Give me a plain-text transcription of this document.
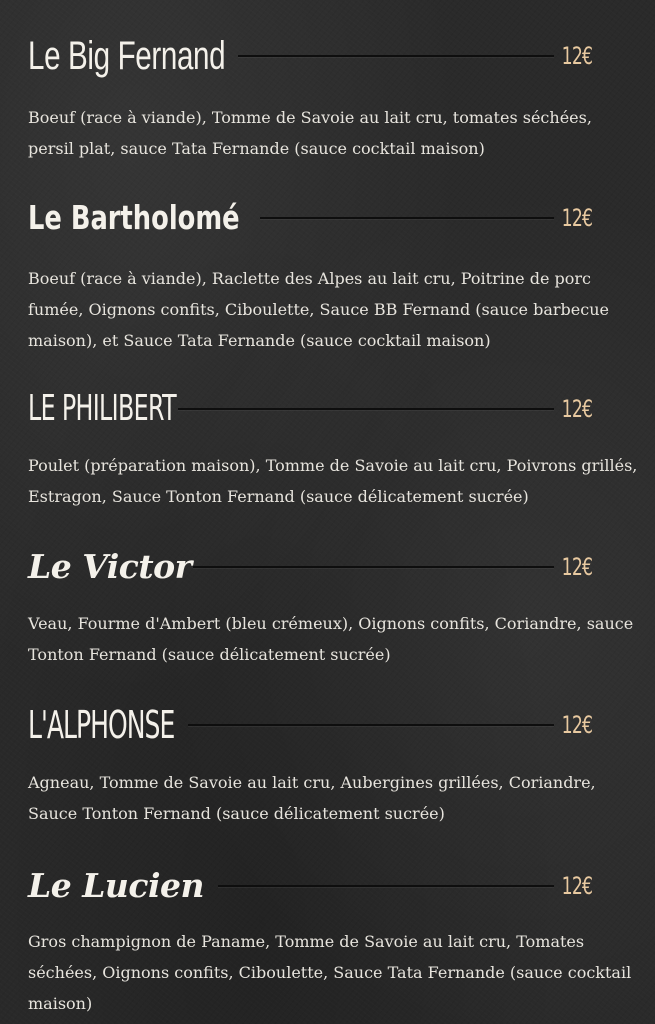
Le Big Fernand	12€

Boeuf (race à viande), Tomme de Savoie au lait cru, tomates séchées, persil plat, sauce Tata Fernande (sauce cocktail maison)

Le Bartholomé	12€

Boeuf (race à viande), Raclette des Alpes au lait cru, Poitrine de porc fumée, Oignons confits, Ciboulette, Sauce BB Fernand (sauce barbecue maison), et Sauce Tata Fernande (sauce cocktail maison)

LE PHILIBERT	12€

Poulet (préparation maison), Tomme de Savoie au lait cru, Poivrons grillés, Estragon, Sauce Tonton Fernand (sauce délicatement sucrée)

Le Victor	12€

Veau, Fourme d'Ambert (bleu crémeux), Oignons confits, Coriandre, sauce Tonton Fernand (sauce délicatement sucrée)

L'ALPHONSE	12€

Agneau, Tomme de Savoie au lait cru, Aubergines grillées, Coriandre, Sauce Tonton Fernand (sauce délicatement sucrée)

Le Lucien	12€

Gros champignon de Paname, Tomme de Savoie au lait cru, Tomates séchées, Oignons confits, Ciboulette, Sauce Tata Fernande (sauce cocktail maison)
